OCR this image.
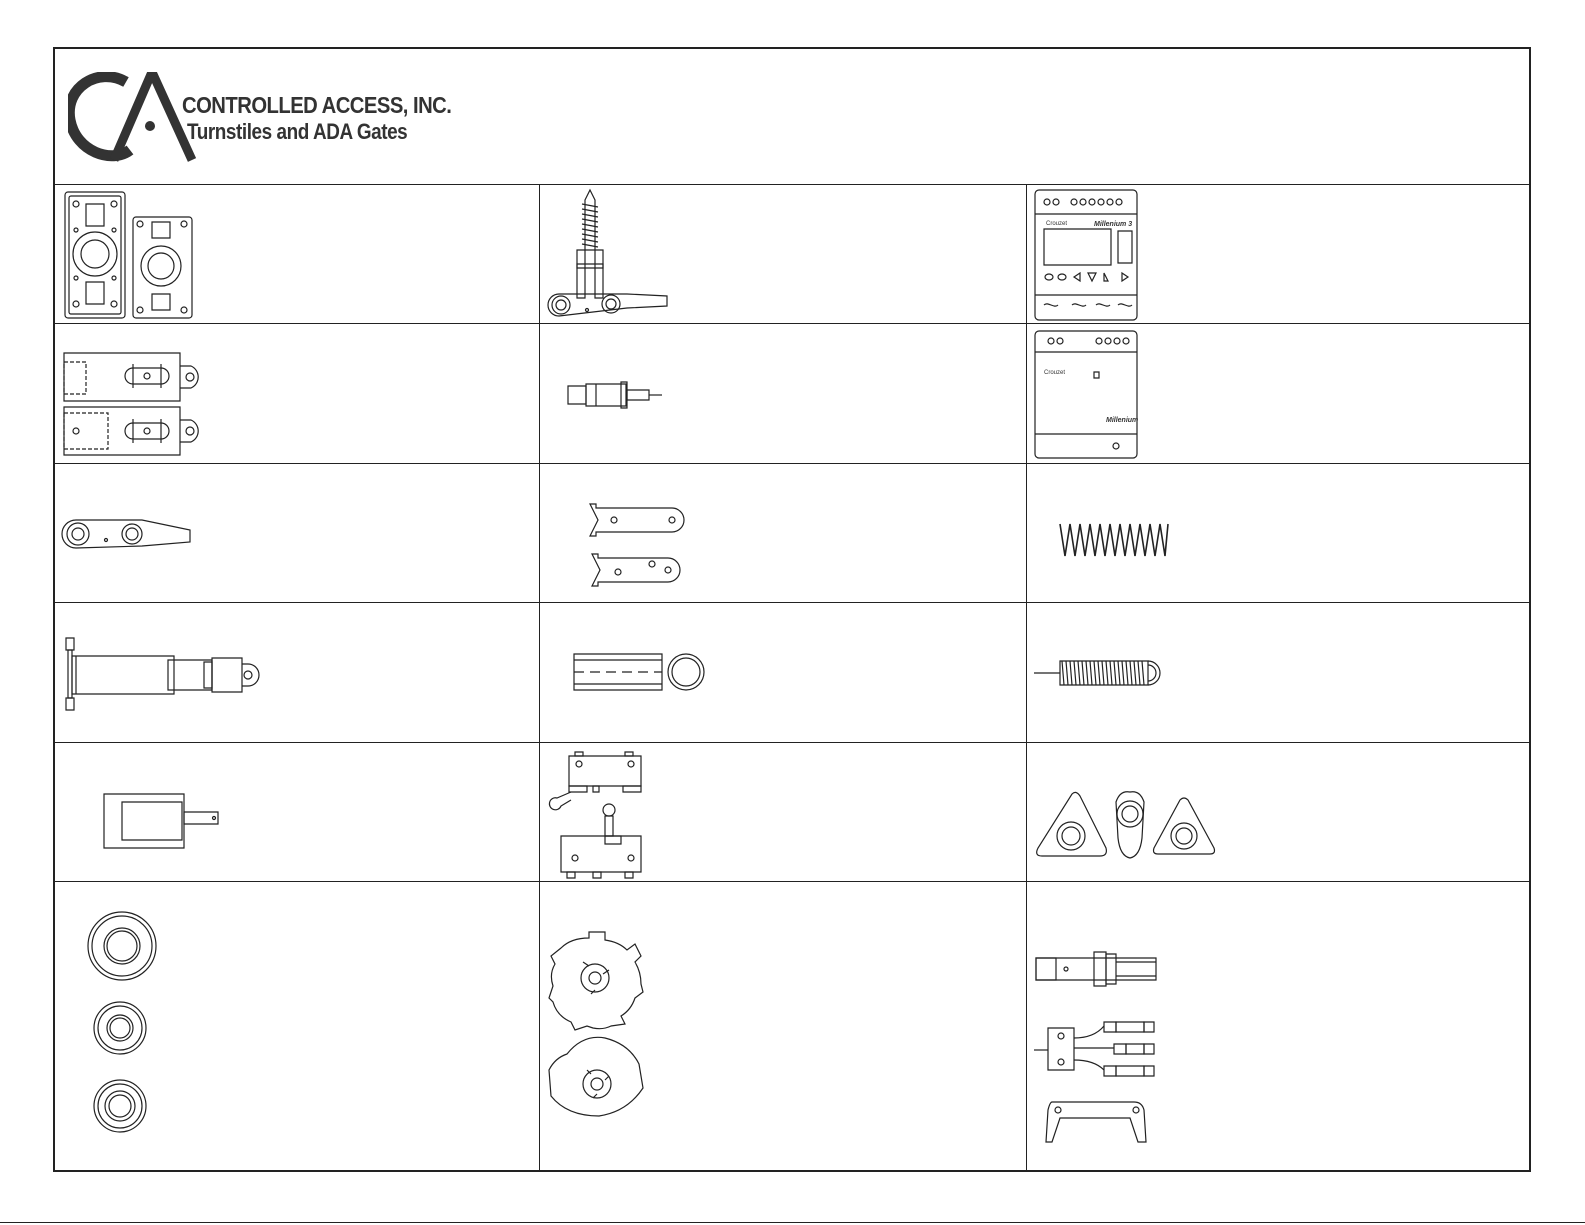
CONTROLLED ACCESS, INC.
Turnstiles and ADA Gates
Crouzet	Millenium 3
Crouzet
Millenium
